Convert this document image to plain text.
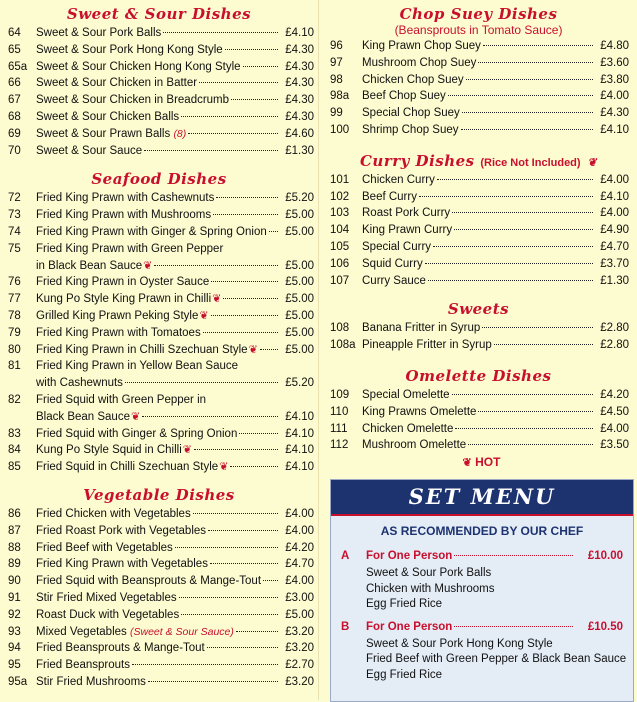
Sweet & Sour Dishes
64	Sweet & Sour Pork Balls	£4.10
65	Sweet & Sour Pork Hong Kong Style	£4.30
65a Sweet & Sour Chicken Hong Kong Style	£4.30
66	Sweet & Sour Chicken in Batter	£4.30
67	Sweet & Sour Chicken in Breadcrumb	£4.30
68	Sweet & Sour Chicken Balls	£4.30
69	Sweet & Sour Prawn Balls (8)	£4.60
70	Sweet & Sour Sauce	£1.30
Seafood Dishes
72	Fried King Prawn with Cashewnuts	£5.20
73	Fried King Prawn with Mushrooms	£5.00
74	Fried King Prawn with Ginger & Spring Onion	£5.00
75	Fried King Prawn with Green Pepper
in Black Bean Sauce❦	£5.00
76	Fried King Prawn in Oyster Sauce	£5.00
77	Kung Po Style King Prawn in Chilli❦	£5.00
78	Grilled King Prawn Peking Style❦	£5.00
79	Fried King Prawn with Tomatoes	£5.00
80	Fried King Prawn in Chilli Szechuan Style❦	£5.00
81	Fried King Prawn in Yellow Bean Sauce
with Cashewnuts	£5.20
82	Fried Squid with Green Pepper in
Black Bean Sauce❦	£4.10
83	Fried Squid with Ginger & Spring Onion	£4.10
84	Kung Po Style Squid in Chilli❦	£4.10
85	Fried Squid in Chilli Szechuan Style❦	£4.10
Vegetable Dishes
86	Fried Chicken with Vegetables	£4.00
87	Fried Roast Pork with Vegetables	£4.00
88	Fried Beef with Vegetables	£4.20
89	Fried King Prawn with Vegetables	£4.70
90	Fried Squid with Beansprouts & Mange-Tout	£4.00
91	Stir Fried Mixed Vegetables	£3.00
92	Roast Duck with Vegetables	£5.00
93	Mixed Vegetables (Sweet & Sour Sauce)	£3.20
94	Fried Beansprouts & Mange-Tout	£3.20
95	Fried Beansprouts	£2.70
95a Stir Fried Mushrooms	£3.20
Chop Suey Dishes
(Beansprouts in Tomato Sauce)
96	King Prawn Chop Suey	£4.80
97	Mushroom Chop Suey	£3.60
98	Chicken Chop Suey	£3.80
98a	Beef Chop Suey	£4.00
99	Special Chop Suey	£4.30
100	Shrimp Chop Suey	£4.10
Curry Dishes (Rice Not Included) ❦
101	Chicken Curry	£4.00
102	Beef Curry	£4.10
103	Roast Pork Curry	£4.00
104	King Prawn Curry	£4.90
105	Special Curry	£4.70
106	Squid Curry	£3.70
107	Curry Sauce	£1.30
Sweets
108	Banana Fritter in Syrup	£2.80
108a Pineapple Fritter in Syrup	£2.80
Omelette Dishes
109	Special Omelette	£4.20
110	King Prawns Omelette	£4.50
111	Chicken Omelette	£4.00
112	Mushroom Omelette	£3.50
❦ HOT
SET MENU
AS RECOMMENDED BY OUR CHEF
A	For One Person	£10.00
Sweet & Sour Pork Balls
Chicken with Mushrooms
Egg Fried Rice
B	For One Person	£10.50
Sweet & Sour Pork Hong Kong Style
Fried Beef with Green Pepper & Black Bean Sauce
Egg Fried Rice
